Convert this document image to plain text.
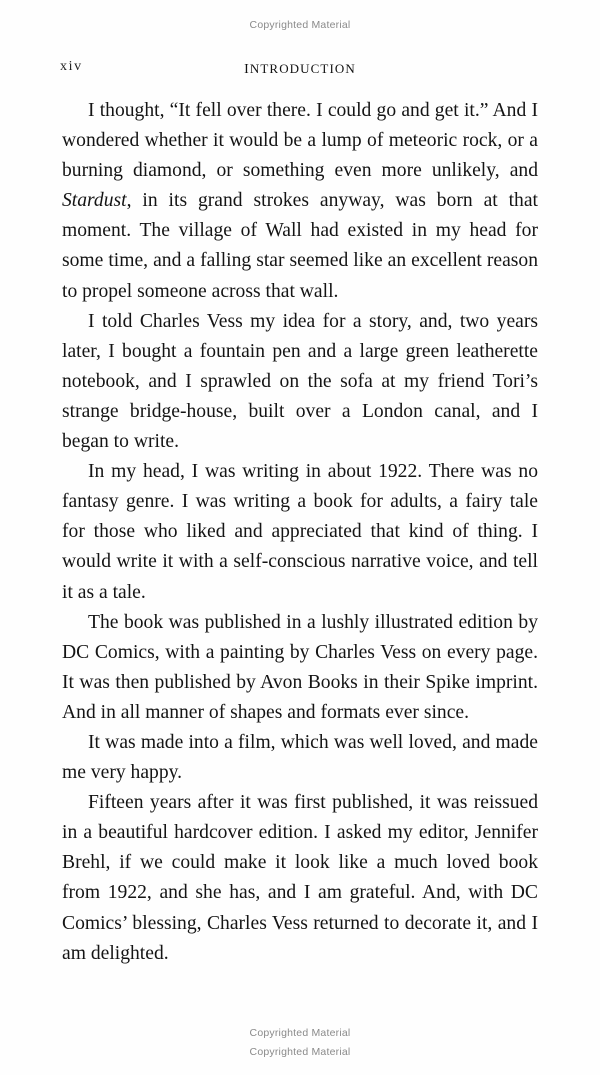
Copyrighted Material
xiv	introduction

I thought, “It fell over there. I could go and get it.” And I wondered whether it would be a lump of meteoric rock, or a burning diamond, or something even more unlikely, and Stardust, in its grand strokes anyway, was born at that moment. The village of Wall had existed in my head for some time, and a falling star seemed like an excellent reason to propel someone across that wall.

I told Charles Vess my idea for a story, and, two years later, I bought a fountain pen and a large green leatherette notebook, and I sprawled on the sofa at my friend Tori’s strange bridge-house, built over a London canal, and I began to write.

In my head, I was writing in about 1922. There was no fantasy genre. I was writing a book for adults, a fairy tale for those who liked and appreciated that kind of thing. I would write it with a self-conscious narrative voice, and tell it as a tale.

The book was published in a lushly illustrated edition by DC Comics, with a painting by Charles Vess on every page. It was then published by Avon Books in their Spike imprint. And in all manner of shapes and formats ever since.

It was made into a film, which was well loved, and made me very happy.

Fifteen years after it was first published, it was reissued in a beautiful hardcover edition. I asked my editor, Jennifer Brehl, if we could make it look like a much loved book from 1922, and she has, and I am grateful. And, with DC Comics’ blessing, Charles Vess returned to decorate it, and I am delighted.

Copyrighted Material
Copyrighted Material
